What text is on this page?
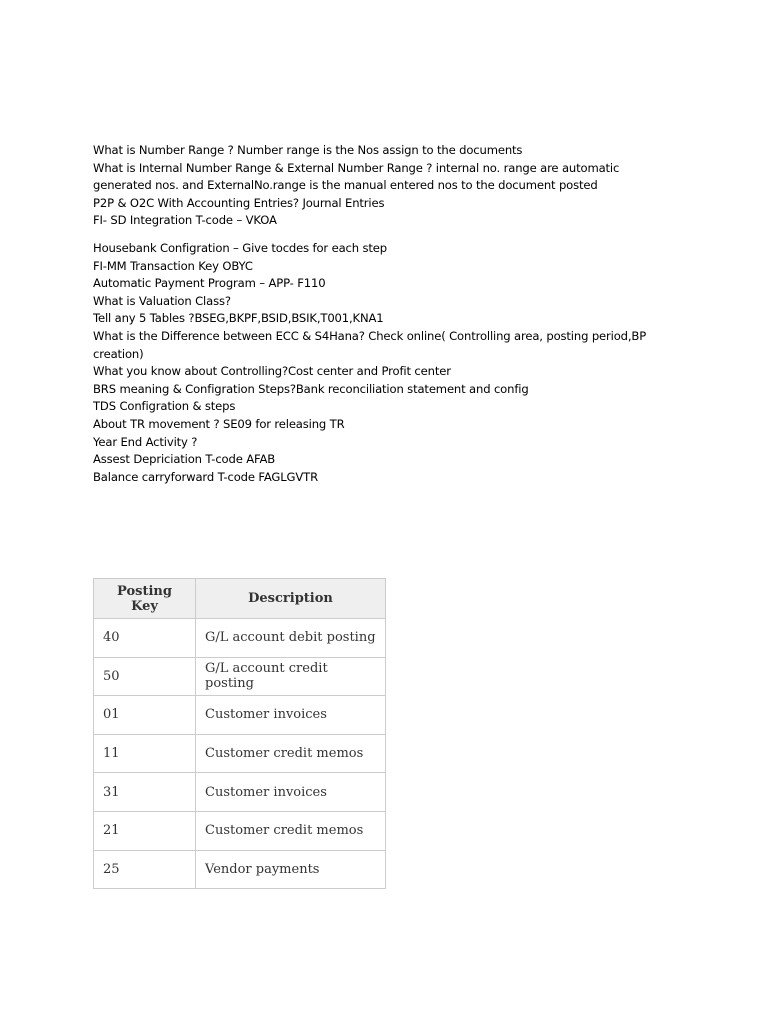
What is Number Range ? Number range is the Nos assign to the documents
What is Internal Number Range & External Number Range ? internal no. range are automatic
generated nos. and ExternalNo.range is the manual entered nos to the document posted
P2P & O2C With Accounting Entries? Journal Entries
FI- SD Integration T-code – VKOA
Housebank Configration – Give tocdes for each step
FI-MM Transaction Key OBYC
Automatic Payment Program – APP- F110
What is Valuation Class?
Tell any 5 Tables ?BSEG,BKPF,BSID,BSIK,T001,KNA1
What is the Difference between ECC & S4Hana? Check online( Controlling area, posting period,BP
creation)
What you know about Controlling?Cost center and Profit center
BRS meaning & Configration Steps?Bank reconciliation statement and config
TDS Configration & steps
About TR movement ? SE09 for releasing TR
Year End Activity ?
Assest Depriciation T-code AFAB
Balance carryforward T-code FAGLGVTR
Posting Key	Description
40	G/L account debit posting
50	G/L account credit posting
01	Customer invoices
11	Customer credit memos
31	Customer invoices
21	Customer credit memos
25	Vendor payments
